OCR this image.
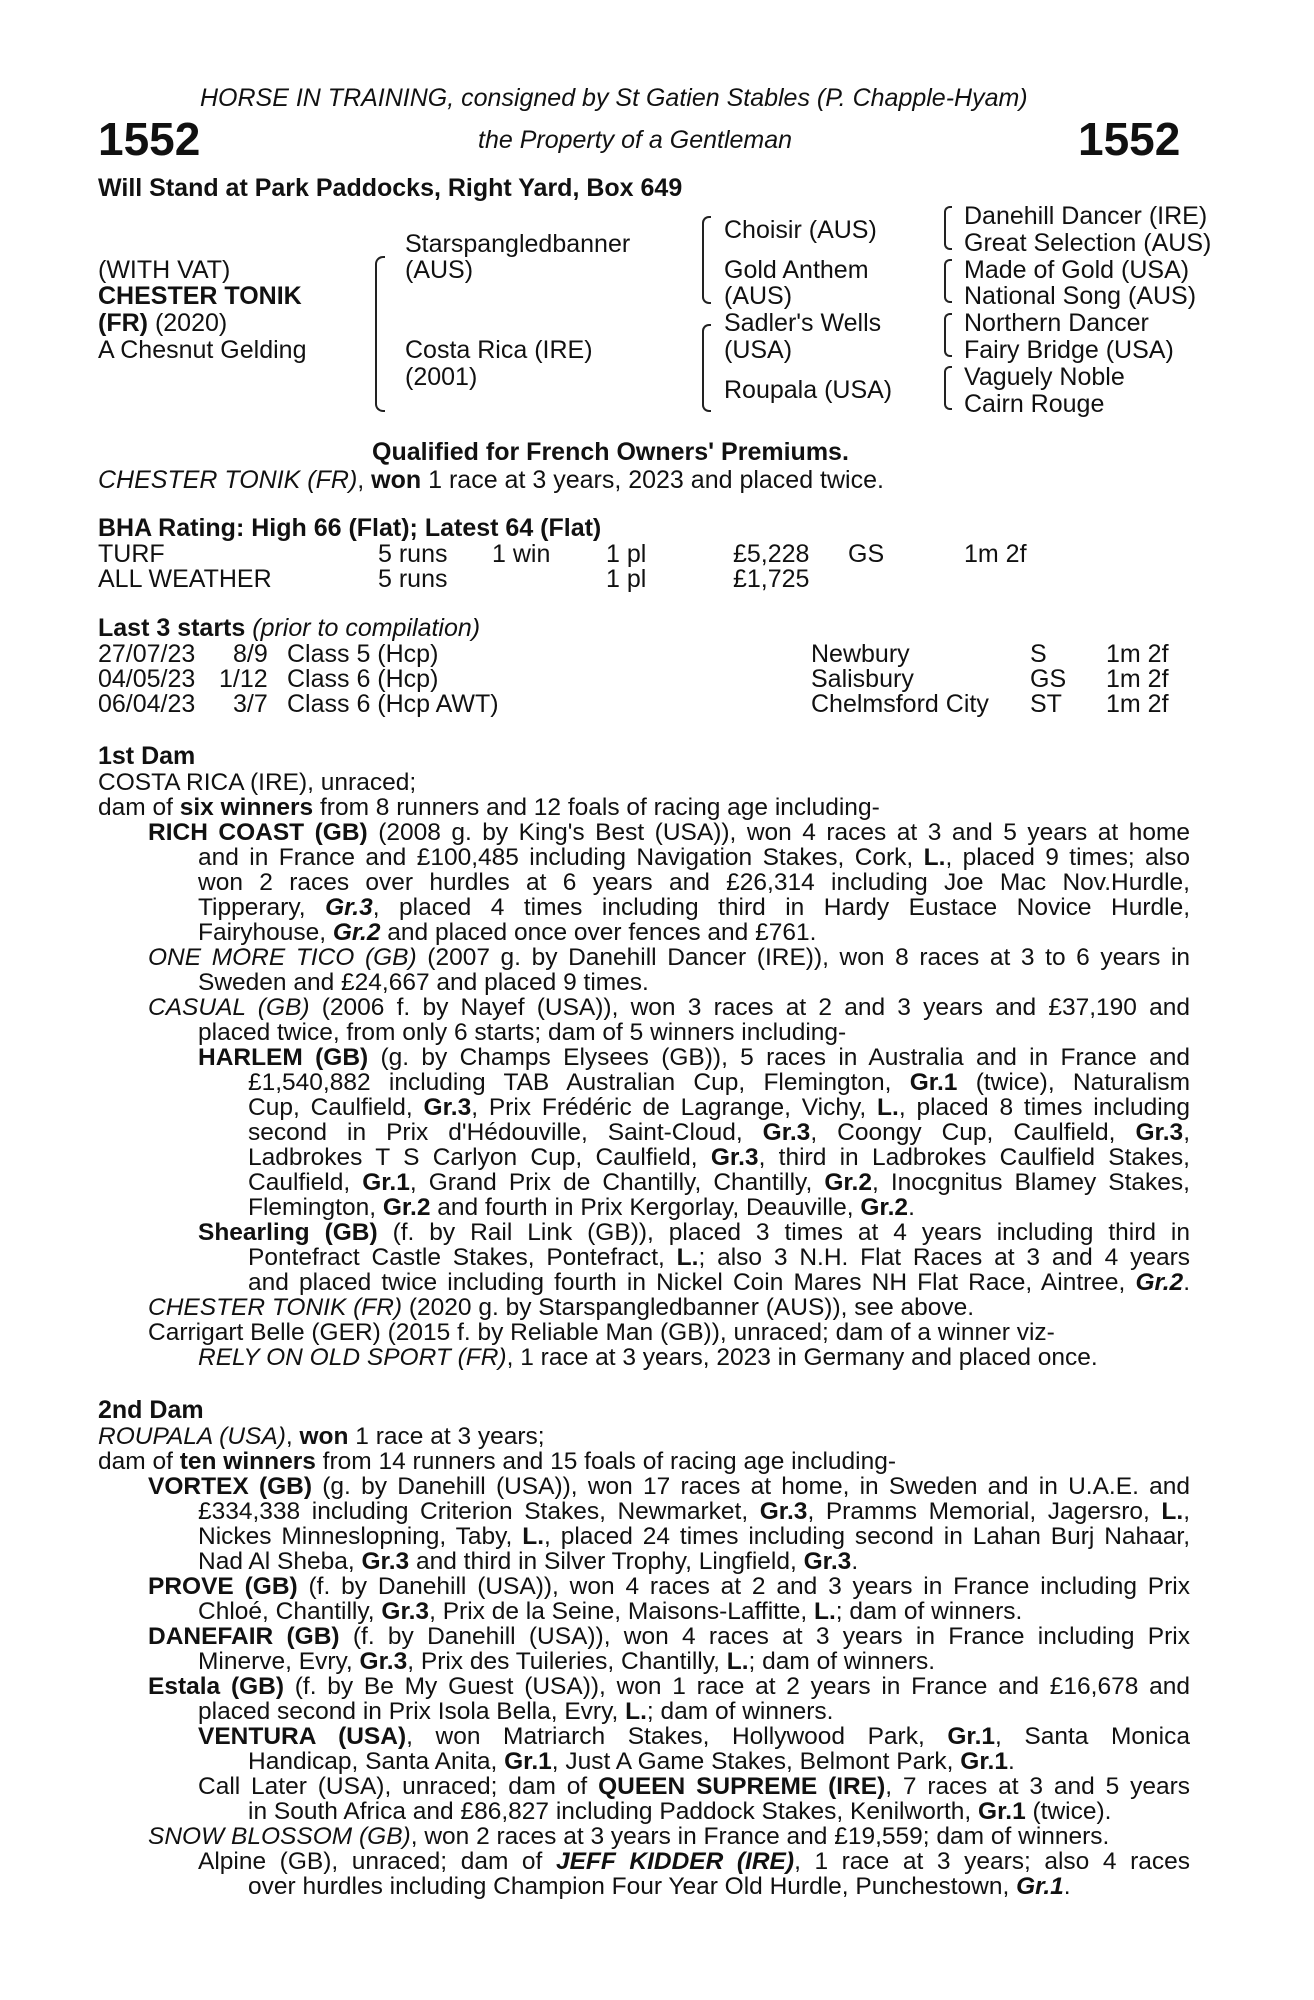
HORSE IN TRAINING, consigned by St Gatien Stables (P. Chapple-Hyam)
1552	the Property of a Gentleman	1552
Will Stand at Park Paddocks, Right Yard, Box 649
(WITH VAT)
CHESTER TONIK
(FR) (2020)
A Chesnut Gelding
Starspangledbanner
(AUS)
Costa Rica (IRE)
(2001)
Choisir (AUS)
Gold Anthem
(AUS)
Sadler's Wells
(USA)
Roupala (USA)
Danehill Dancer (IRE)
Great Selection (AUS)
Made of Gold (USA)
National Song (AUS)
Northern Dancer
Fairy Bridge (USA)
Vaguely Noble
Cairn Rouge
Qualified for French Owners' Premiums.
CHESTER TONIK (FR), won 1 race at 3 years, 2023 and placed twice.
BHA Rating: High 66 (Flat); Latest 64 (Flat)
TURF	5 runs 1 win 1 pl	£5,228 GS	1m 2f
ALL WEATHER	5 runs	1 pl	£1,725
Last 3 starts (prior to compilation)
27/07/23 8/9 Class 5 (Hcp)	Newbury	S 1m 2f
04/05/23 1/12 Class 6 (Hcp)	Salisbury	GS 1m 2f
06/04/23 3/7 Class 6 (Hcp AWT)	Chelmsford City ST 1m 2f
1st Dam
COSTA RICA (IRE), unraced;
dam of six winners from 8 runners and 12 foals of racing age including-
RICH COAST (GB) (2008 g. by King's Best (USA)), won 4 races at 3 and 5 years at home
and in France and £100,485 including Navigation Stakes, Cork, L., placed 9 times; also
won 2 races over hurdles at 6 years and £26,314 including Joe Mac Nov.Hurdle,
Tipperary, Gr.3, placed 4 times including third in Hardy Eustace Novice Hurdle,
Fairyhouse, Gr.2 and placed once over fences and £761.
ONE MORE TICO (GB) (2007 g. by Danehill Dancer (IRE)), won 8 races at 3 to 6 years in
Sweden and £24,667 and placed 9 times.
CASUAL (GB) (2006 f. by Nayef (USA)), won 3 races at 2 and 3 years and £37,190 and
placed twice, from only 6 starts; dam of 5 winners including-
HARLEM (GB) (g. by Champs Elysees (GB)), 5 races in Australia and in France and
£1,540,882 including TAB Australian Cup, Flemington, Gr.1 (twice), Naturalism
Cup, Caulfield, Gr.3, Prix Frédéric de Lagrange, Vichy, L., placed 8 times including
second in Prix d'Hédouville, Saint-Cloud, Gr.3, Coongy Cup, Caulfield, Gr.3,
Ladbrokes T S Carlyon Cup, Caulfield, Gr.3, third in Ladbrokes Caulfield Stakes,
Caulfield, Gr.1, Grand Prix de Chantilly, Chantilly, Gr.2, Inocgnitus Blamey Stakes,
Flemington, Gr.2 and fourth in Prix Kergorlay, Deauville, Gr.2.
Shearling (GB) (f. by Rail Link (GB)), placed 3 times at 4 years including third in
Pontefract Castle Stakes, Pontefract, L.; also 3 N.H. Flat Races at 3 and 4 years
and placed twice including fourth in Nickel Coin Mares NH Flat Race, Aintree, Gr.2.
CHESTER TONIK (FR) (2020 g. by Starspangledbanner (AUS)), see above.
Carrigart Belle (GER) (2015 f. by Reliable Man (GB)), unraced; dam of a winner viz-
RELY ON OLD SPORT (FR), 1 race at 3 years, 2023 in Germany and placed once.
2nd Dam
ROUPALA (USA), won 1 race at 3 years;
dam of ten winners from 14 runners and 15 foals of racing age including-
VORTEX (GB) (g. by Danehill (USA)), won 17 races at home, in Sweden and in U.A.E. and
£334,338 including Criterion Stakes, Newmarket, Gr.3, Pramms Memorial, Jagersro, L.,
Nickes Minneslopning, Taby, L., placed 24 times including second in Lahan Burj Nahaar,
Nad Al Sheba, Gr.3 and third in Silver Trophy, Lingfield, Gr.3.
PROVE (GB) (f. by Danehill (USA)), won 4 races at 2 and 3 years in France including Prix
Chloé, Chantilly, Gr.3, Prix de la Seine, Maisons-Laffitte, L.; dam of winners.
DANEFAIR (GB) (f. by Danehill (USA)), won 4 races at 3 years in France including Prix
Minerve, Evry, Gr.3, Prix des Tuileries, Chantilly, L.; dam of winners.
Estala (GB) (f. by Be My Guest (USA)), won 1 race at 2 years in France and £16,678 and
placed second in Prix Isola Bella, Evry, L.; dam of winners.
VENTURA (USA), won Matriarch Stakes, Hollywood Park, Gr.1, Santa Monica
Handicap, Santa Anita, Gr.1, Just A Game Stakes, Belmont Park, Gr.1.
Call Later (USA), unraced; dam of QUEEN SUPREME (IRE), 7 races at 3 and 5 years
in South Africa and £86,827 including Paddock Stakes, Kenilworth, Gr.1 (twice).
SNOW BLOSSOM (GB), won 2 races at 3 years in France and £19,559; dam of winners.
Alpine (GB), unraced; dam of JEFF KIDDER (IRE), 1 race at 3 years; also 4 races
over hurdles including Champion Four Year Old Hurdle, Punchestown, Gr.1.
